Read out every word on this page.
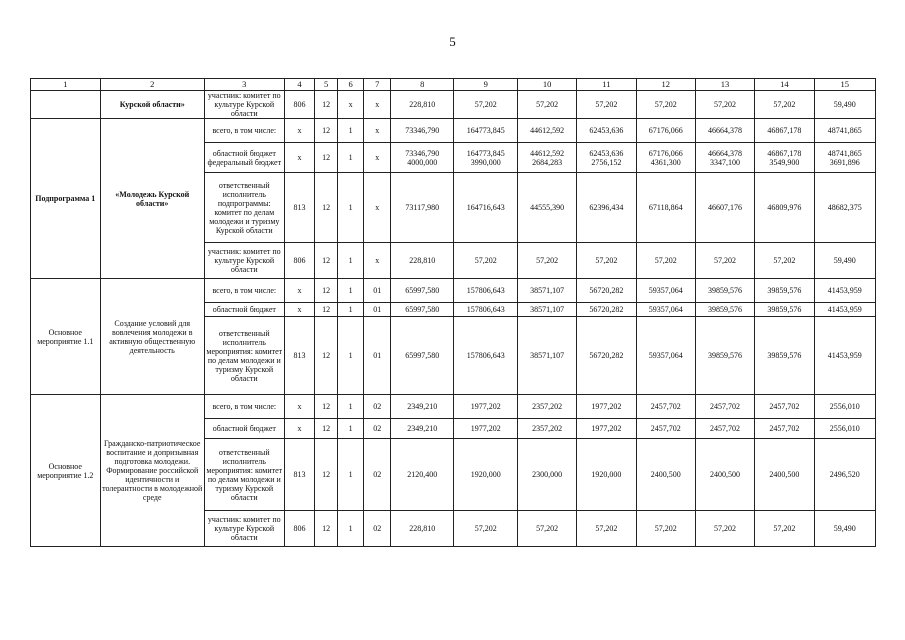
5
1	2	3	4	5	6	7	8	9	10	11	12	13	14	15
	Курской области»	участник: комитет по культуре Курской области	806	12	х	х	228,810	57,202	57,202	57,202	57,202	57,202	57,202	59,490
Подпрограмма 1	«Молодежь Курской области»	всего, в том числе:	х	12	1	х	73346,790	164773,845	44612,592	62453,636	67176,066	46664,378	46867,178	48741,865
		областной бюджет федеральный бюджет	х	12	1	х	73346,790 4000,000	164773,845 3990,000	44612,592 2684,283	62453,636 2756,152	67176,066 4361,300	46664,378 3347,100	46867,178 3549,900	48741,865 3691,896
		ответственный исполнитель подпрограммы: комитет по делам молодежи и туризму Курской области	813	12	1	х	73117,980	164716,643	44555,390	62396,434	67118,864	46607,176	46809,976	48682,375
		участник: комитет по культуре Курской области	806	12	1	х	228,810	57,202	57,202	57,202	57,202	57,202	57,202	59,490
Основное мероприятие 1.1	Создание условий для вовлечения молодежи в активную общественную деятельность	всего, в том числе:	х	12	1	01	65997,580	157806,643	38571,107	56720,282	59357,064	39859,576	39859,576	41453,959
		областной бюджет	х	12	1	01	65997,580	157806,643	38571,107	56720,282	59357,064	39859,576	39859,576	41453,959
		ответственный исполнитель мероприятия: комитет по делам молодежи и туризму Курской области	813	12	1	01	65997,580	157806,643	38571,107	56720,282	59357,064	39859,576	39859,576	41453,959
Основное мероприятие 1.2	Гражданско-патриотическое воспитание и допризывная подготовка молодежи. Формирование российской идентичности и толерантности в молодежной среде	всего, в том числе:	х	12	1	02	2349,210	1977,202	2357,202	1977,202	2457,702	2457,702	2457,702	2556,010
		областной бюджет	х	12	1	02	2349,210	1977,202	2357,202	1977,202	2457,702	2457,702	2457,702	2556,010
		ответственный исполнитель мероприятия: комитет по делам молодежи и туризму Курской области	813	12	1	02	2120,400	1920,000	2300,000	1920,000	2400,500	2400,500	2400,500	2496,520
		участник: комитет по культуре Курской области	806	12	1	02	228,810	57,202	57,202	57,202	57,202	57,202	57,202	59,490
